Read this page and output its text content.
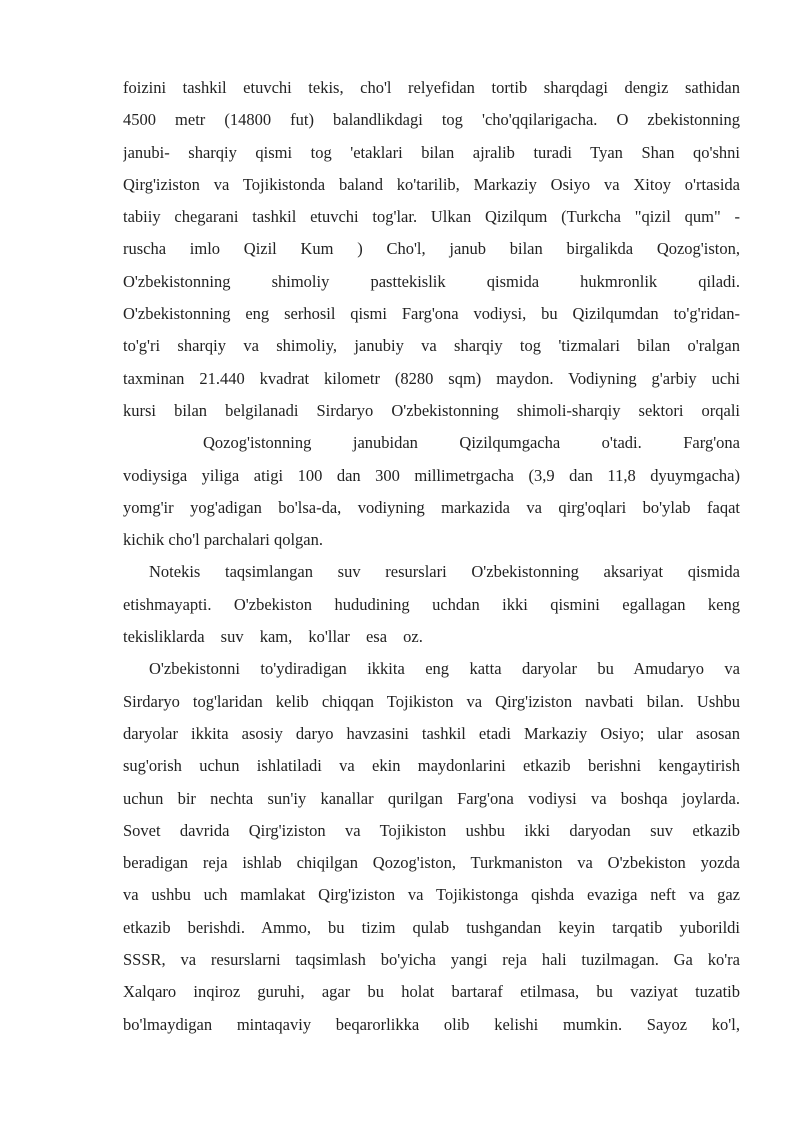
foizini tashkil etuvchi tekis, cho'l relyefidan tortib sharqdagi dengiz sathidan
4500 metr (14800 fut) balandlikdagi tog 'cho'qqilarigacha. O zbekistonning
janubi- sharqiy qismi tog 'etaklari bilan ajralib turadi Tyan Shan qo'shni
Qirg'iziston va Tojikistonda baland ko'tarilib, Markaziy Osiyo va Xitoy o'rtasida
tabiiy chegarani tashkil etuvchi tog'lar. Ulkan Qizilqum (Turkcha "qizil qum" -
ruscha imlo Qizil Kum ) Cho'l, janub bilan birgalikda Qozog'iston,
O'zbekistonning shimoliy pasttekislik qismida hukmronlik qiladi.
O'zbekistonning eng serhosil qismi Farg'ona vodiysi, bu Qizilqumdan to'g'ridan-
to'g'ri sharqiy va shimoliy, janubiy va sharqiy tog 'tizmalari bilan o'ralgan
taxminan 21.440 kvadrat kilometr (8280 sqm) maydon. Vodiyning g'arbiy uchi
kursi bilan belgilanadi Sirdaryo O'zbekistonning shimoli-sharqiy sektori orqali
Qozog'istonning janubidan Qizilqumgacha o'tadi. Farg'ona
vodiysiga yiliga atigi 100 dan 300 millimetrgacha (3,9 dan 11,8 dyuymgacha)
yomg'ir yog'adigan bo'lsa-da, vodiyning markazida va qirg'oqlari bo'ylab faqat
kichik cho'l parchalari qolgan.
Notekis taqsimlangan suv resurslari O'zbekistonning aksariyat qismida
etishmayapti. O'zbekiston hududining uchdan ikki qismini egallagan keng
tekisliklarda suv kam, ko'llar esa oz.
O'zbekistonni to'ydiradigan ikkita eng katta daryolar bu Amudaryo va
Sirdaryo tog'laridan kelib chiqqan Tojikiston va Qirg'iziston navbati bilan. Ushbu
daryolar ikkita asosiy daryo havzasini tashkil etadi Markaziy Osiyo; ular asosan
sug'orish uchun ishlatiladi va ekin maydonlarini etkazib berishni kengaytirish
uchun bir nechta sun'iy kanallar qurilgan Farg'ona vodiysi va boshqa joylarda.
Sovet davrida Qirg'iziston va Tojikiston ushbu ikki daryodan suv etkazib
beradigan reja ishlab chiqilgan Qozog'iston, Turkmaniston va O'zbekiston yozda
va ushbu uch mamlakat Qirg'iziston va Tojikistonga qishda evaziga neft va gaz
etkazib berishdi. Ammo, bu tizim qulab tushgandan keyin tarqatib yuborildi
SSSR, va resurslarni taqsimlash bo'yicha yangi reja hali tuzilmagan. Ga ko'ra
Xalqaro inqiroz guruhi, agar bu holat bartaraf etilmasa, bu vaziyat tuzatib
bo'lmaydigan mintaqaviy beqarorlikka olib kelishi mumkin. Sayoz ko'l,
